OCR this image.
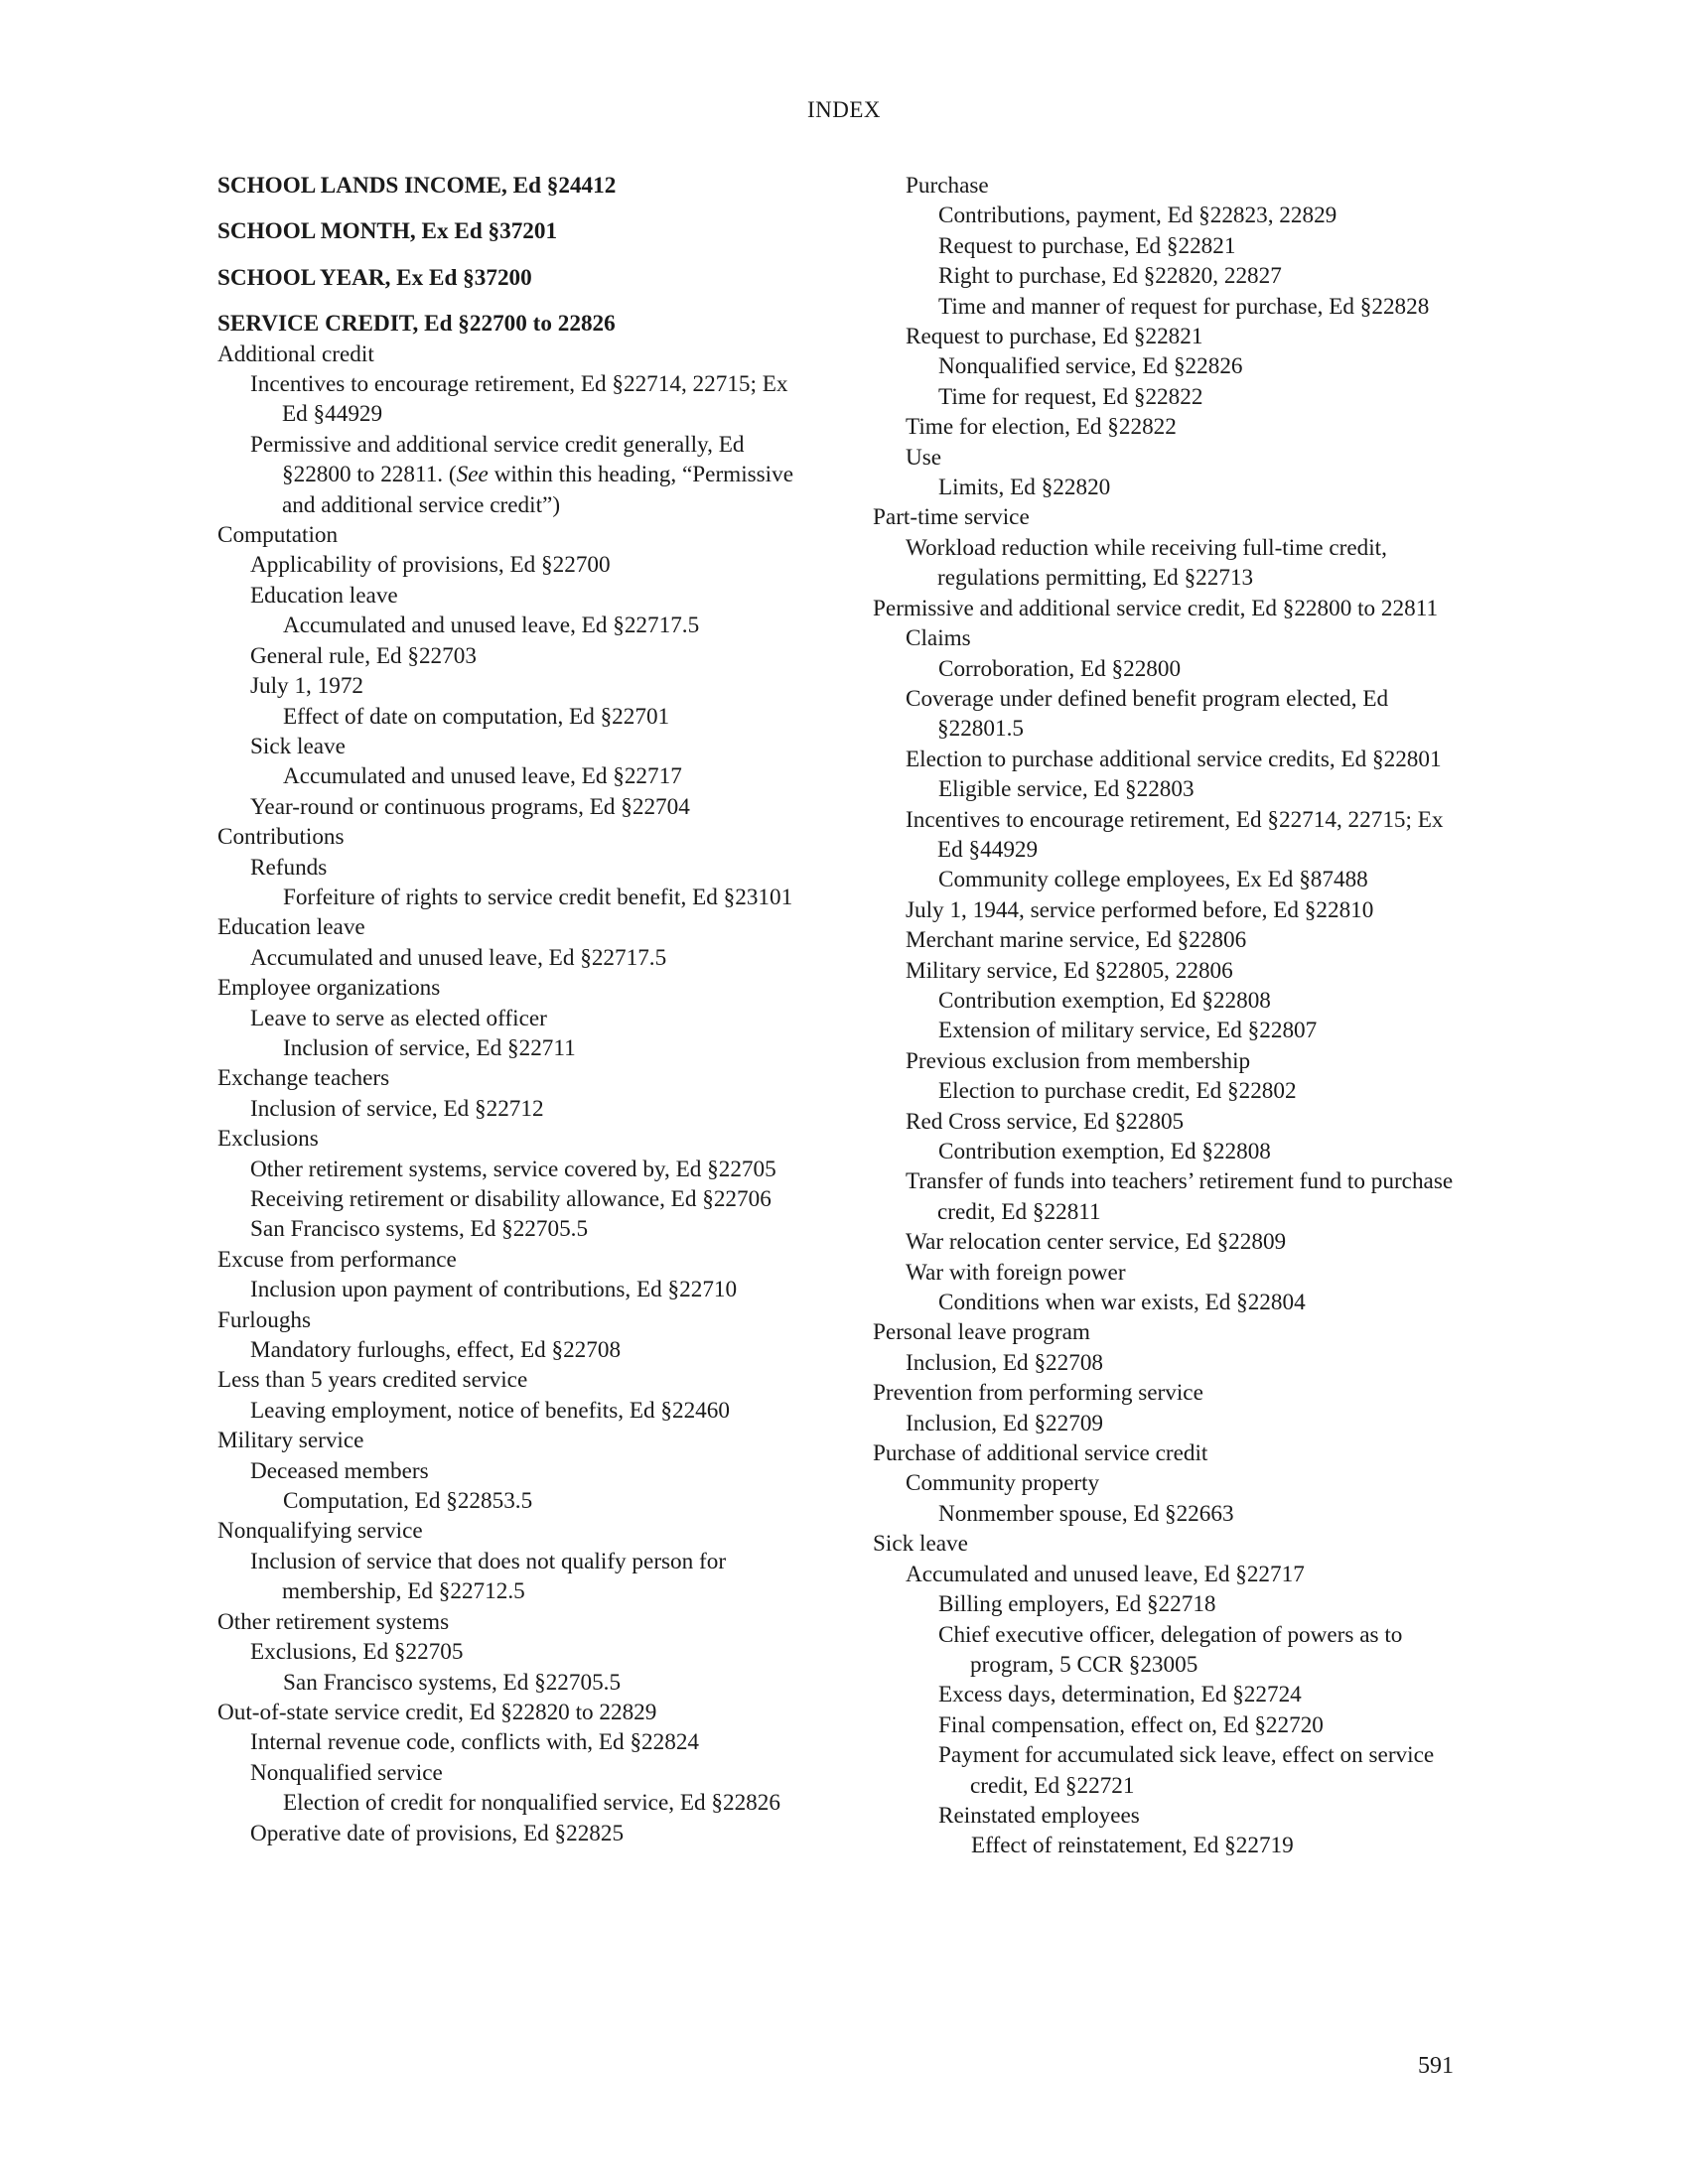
INDEX
SCHOOL LANDS INCOME, Ed §24412
SCHOOL MONTH, Ex Ed §37201
SCHOOL YEAR, Ex Ed §37200
SERVICE CREDIT, Ed §22700 to 22826
Additional credit
Incentives to encourage retirement, Ed §22714, 22715; Ex Ed §44929
Permissive and additional service credit generally, Ed §22800 to 22811. (See within this heading, “Permissive and additional service credit”)
Computation
Applicability of provisions, Ed §22700
Education leave
Accumulated and unused leave, Ed §22717.5
General rule, Ed §22703
July 1, 1972
Effect of date on computation, Ed §22701
Sick leave
Accumulated and unused leave, Ed §22717
Year-round or continuous programs, Ed §22704
Contributions
Refunds
Forfeiture of rights to service credit benefit, Ed §23101
Education leave
Accumulated and unused leave, Ed §22717.5
Employee organizations
Leave to serve as elected officer
Inclusion of service, Ed §22711
Exchange teachers
Inclusion of service, Ed §22712
Exclusions
Other retirement systems, service covered by, Ed §22705
Receiving retirement or disability allowance, Ed §22706
San Francisco systems, Ed §22705.5
Excuse from performance
Inclusion upon payment of contributions, Ed §22710
Furloughs
Mandatory furloughs, effect, Ed §22708
Less than 5 years credited service
Leaving employment, notice of benefits, Ed §22460
Military service
Deceased members
Computation, Ed §22853.5
Nonqualifying service
Inclusion of service that does not qualify person for membership, Ed §22712.5
Other retirement systems
Exclusions, Ed §22705
San Francisco systems, Ed §22705.5
Out-of-state service credit, Ed §22820 to 22829
Internal revenue code, conflicts with, Ed §22824
Nonqualified service
Election of credit for nonqualified service, Ed §22826
Operative date of provisions, Ed §22825
Purchase
Contributions, payment, Ed §22823, 22829
Request to purchase, Ed §22821
Right to purchase, Ed §22820, 22827
Time and manner of request for purchase, Ed §22828
Request to purchase, Ed §22821
Nonqualified service, Ed §22826
Time for request, Ed §22822
Time for election, Ed §22822
Use
Limits, Ed §22820
Part-time service
Workload reduction while receiving full-time credit, regulations permitting, Ed §22713
Permissive and additional service credit, Ed §22800 to 22811
Claims
Corroboration, Ed §22800
Coverage under defined benefit program elected, Ed §22801.5
Election to purchase additional service credits, Ed §22801
Eligible service, Ed §22803
Incentives to encourage retirement, Ed §22714, 22715; Ex Ed §44929
Community college employees, Ex Ed §87488
July 1, 1944, service performed before, Ed §22810
Merchant marine service, Ed §22806
Military service, Ed §22805, 22806
Contribution exemption, Ed §22808
Extension of military service, Ed §22807
Previous exclusion from membership
Election to purchase credit, Ed §22802
Red Cross service, Ed §22805
Contribution exemption, Ed §22808
Transfer of funds into teachers’ retirement fund to purchase credit, Ed §22811
War relocation center service, Ed §22809
War with foreign power
Conditions when war exists, Ed §22804
Personal leave program
Inclusion, Ed §22708
Prevention from performing service
Inclusion, Ed §22709
Purchase of additional service credit
Community property
Nonmember spouse, Ed §22663
Sick leave
Accumulated and unused leave, Ed §22717
Billing employers, Ed §22718
Chief executive officer, delegation of powers as to program, 5 CCR §23005
Excess days, determination, Ed §22724
Final compensation, effect on, Ed §22720
Payment for accumulated sick leave, effect on service credit, Ed §22721
Reinstated employees
Effect of reinstatement, Ed §22719
591
